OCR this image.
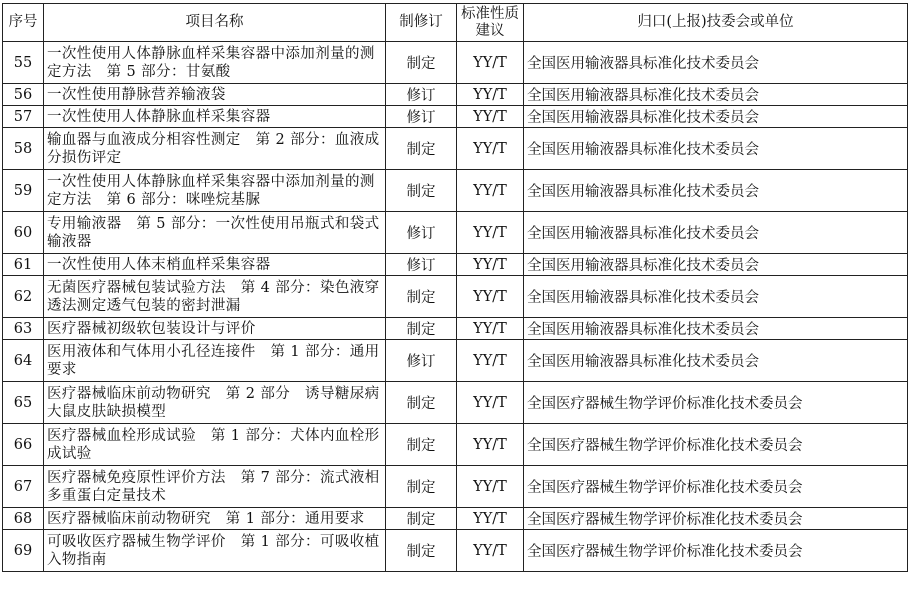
序号	项目名称	制修订	标准性质建议	归口(上报)技委会或单位
55	一次性使用人体静脉血样采集容器中添加剂量的测定方法　第 5 部分：甘氨酸	制定	YY/T	全国医用输液器具标准化技术委员会
56	一次性使用静脉营养输液袋	修订	YY/T	全国医用输液器具标准化技术委员会
57	一次性使用人体静脉血样采集容器	修订	YY/T	全国医用输液器具标准化技术委员会
58	输血器与血液成分相容性测定　第 2 部分：血液成分损伤评定	制定	YY/T	全国医用输液器具标准化技术委员会
59	一次性使用人体静脉血样采集容器中添加剂量的测定方法　第 6 部分：咪唑烷基脲	制定	YY/T	全国医用输液器具标准化技术委员会
60	专用输液器　第 5 部分：一次性使用吊瓶式和袋式输液器	修订	YY/T	全国医用输液器具标准化技术委员会
61	一次性使用人体末梢血样采集容器	修订	YY/T	全国医用输液器具标准化技术委员会
62	无菌医疗器械包装试验方法　第 4 部分：染色液穿透法测定透气包装的密封泄漏	制定	YY/T	全国医用输液器具标准化技术委员会
63	医疗器械初级软包装设计与评价	制定	YY/T	全国医用输液器具标准化技术委员会
64	医用液体和气体用小孔径连接件　第 1 部分：通用要求	修订	YY/T	全国医用输液器具标准化技术委员会
65	医疗器械临床前动物研究　第 2 部分　诱导糖尿病大鼠皮肤缺损模型	制定	YY/T	全国医疗器械生物学评价标准化技术委员会
66	医疗器械血栓形成试验　第 1 部分：犬体内血栓形成试验	制定	YY/T	全国医疗器械生物学评价标准化技术委员会
67	医疗器械免疫原性评价方法　第 7 部分：流式液相多重蛋白定量技术	制定	YY/T	全国医疗器械生物学评价标准化技术委员会
68	医疗器械临床前动物研究　第 1 部分：通用要求	制定	YY/T	全国医疗器械生物学评价标准化技术委员会
69	可吸收医疗器械生物学评价　第 1 部分：可吸收植入物指南	制定	YY/T	全国医疗器械生物学评价标准化技术委员会
